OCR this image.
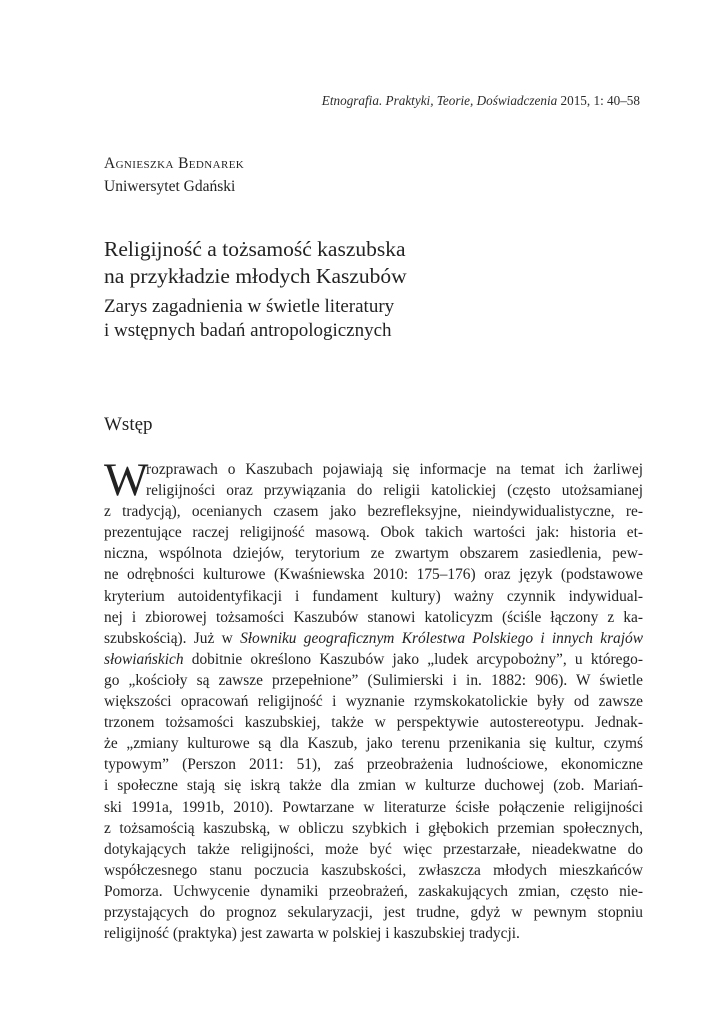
Etnografia. Praktyki, Teorie, Doświadczenia 2015, 1: 40–58
Agnieszka Bednarek
Uniwersytet Gdański
Religijność a tożsamość kaszubska
na przykładzie młodych Kaszubów
Zarys zagadnienia w świetle literatury
i wstępnych badań antropologicznych
Wstęp
W
rozprawach o Kaszubach pojawiają się informacje na temat ich żarliwej
religijności oraz przywiązania do religii katolickiej (często utożsamianej
z tradycją), ocenianych czasem jako bezrefleksyjne, nieindywidualistyczne, re-
prezentujące raczej religijność masową. Obok takich wartości jak: historia et-
niczna, wspólnota dziejów, terytorium ze zwartym obszarem zasiedlenia, pew-
ne odrębności kulturowe (Kwaśniewska 2010: 175–176) oraz język (podstawowe
kryterium autoidentyfikacji i fundament kultury) ważny czynnik indywidual-
nej i zbiorowej tożsamości Kaszubów stanowi katolicyzm (ściśle łączony z ka-
szubskością). Już w Słowniku geograficznym Królestwa Polskiego i innych krajów
słowiańskich dobitnie określono Kaszubów jako „ludek arcypobożny”, u którego-
go „kościoły są zawsze przepełnione” (Sulimierski i in. 1882: 906). W świetle
większości opracowań religijność i wyznanie rzymskokatolickie były od zawsze
trzonem tożsamości kaszubskiej, także w perspektywie autostereotypu. Jednak-
że „zmiany kulturowe są dla Kaszub, jako terenu przenikania się kultur, czymś
typowym” (Perszon 2011: 51), zaś przeobrażenia ludnościowe, ekonomiczne
i społeczne stają się iskrą także dla zmian w kulturze duchowej (zob. Mariań-
ski 1991a, 1991b, 2010). Powtarzane w literaturze ścisłe połączenie religijności
z tożsamością kaszubską, w obliczu szybkich i głębokich przemian społecznych,
dotykających także religijności, może być więc przestarzałe, nieadekwatne do
współczesnego stanu poczucia kaszubskości, zwłaszcza młodych mieszkańców
Pomorza. Uchwycenie dynamiki przeobrażeń, zaskakujących zmian, często nie-
przystających do prognoz sekularyzacji, jest trudne, gdyż w pewnym stopniu
religijność (praktyka) jest zawarta w polskiej i kaszubskiej tradycji.
